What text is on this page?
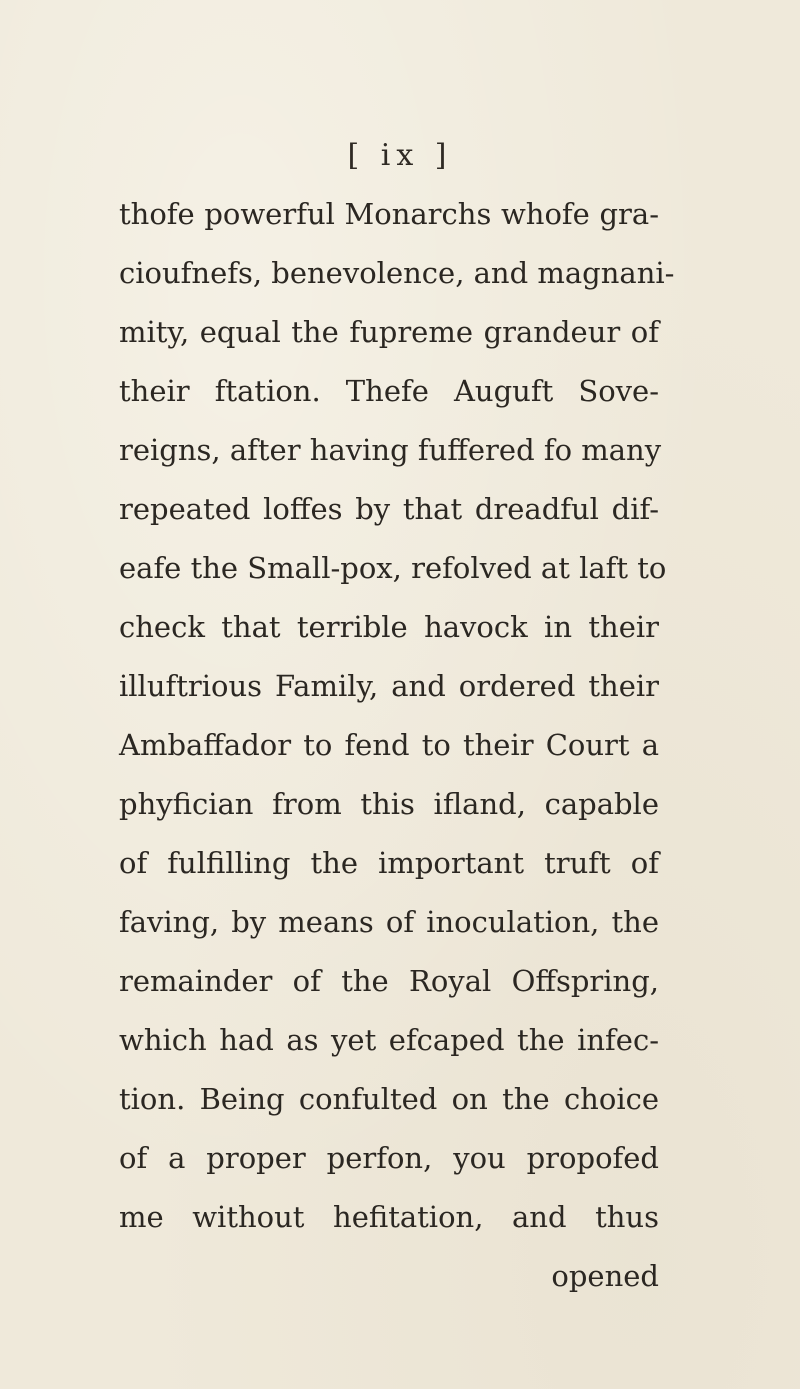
[ ix ]
thofe powerful Monarchs whofe gra-
cioufnefs, benevolence, and magnani-
mity, equal the fupreme grandeur of
their ftation. Thefe Auguft Sove-
reigns, after having fuffered fo many
repeated loffes by that dreadful dif-
eafe the Small-pox, refolved at laft to
check that terrible havock in their
illuftrious Family, and ordered their
Ambaffador to fend to their Court a
phyfician from this ifland, capable
of fulfilling the important truft of
faving, by means of inoculation, the
remainder of the Royal Offspring,
which had as yet efcaped the infec-
tion. Being confulted on the choice
of a proper perfon, you propofed
me without hefitation, and thus
opened
